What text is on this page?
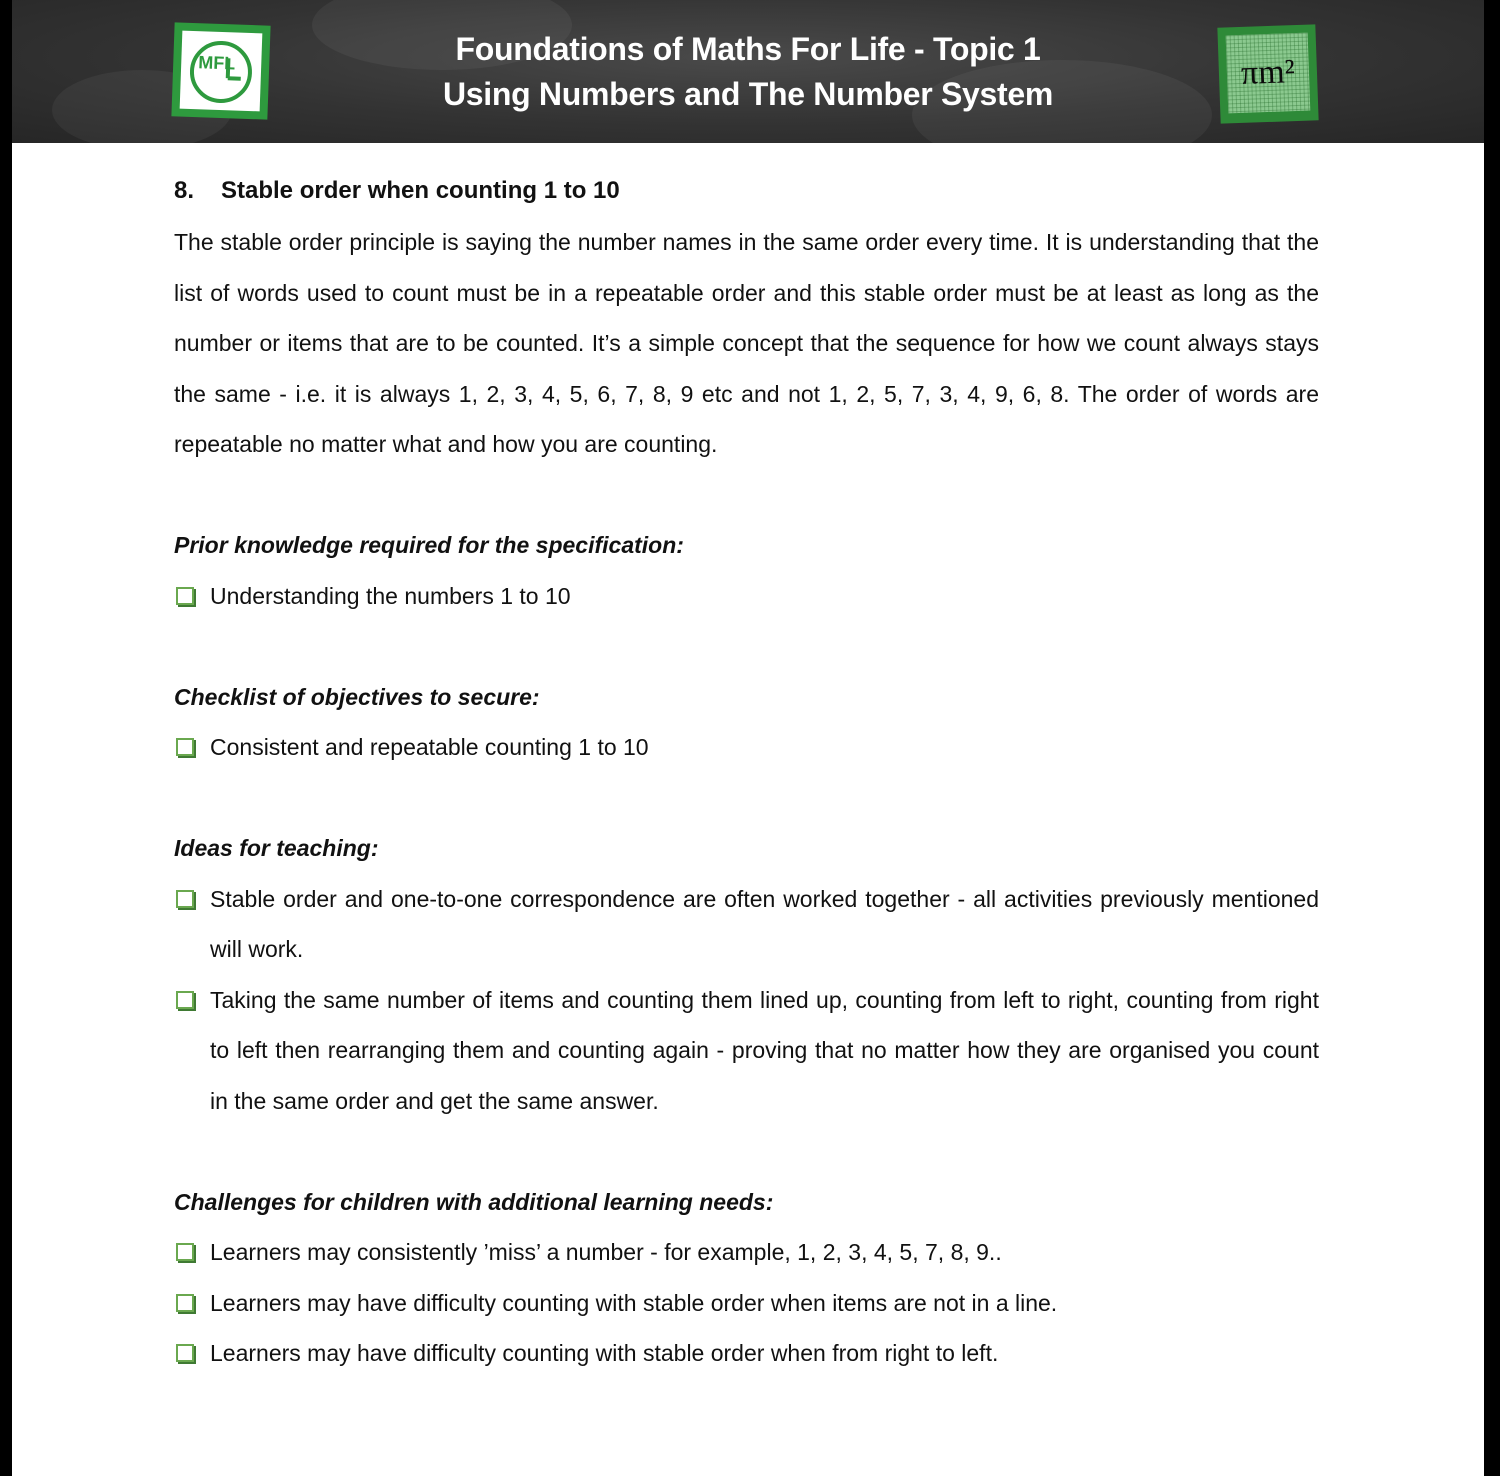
MFL	Foundations of Maths For Life - Topic 1
Using Numbers and The Number System
πm²
8. Stable order when counting 1 to 10

The stable order principle is saying the number names in the same order every time. It is understanding that the list of words used to count must be in a repeatable order and this stable order must be at least as long as the number or items that are to be counted. It’s a simple concept that the sequence for how we count always stays the same - i.e. it is always 1, 2, 3, 4, 5, 6, 7, 8, 9 etc and not 1, 2, 5, 7, 3, 4, 9, 6, 8. The order of words are repeatable no matter what and how you are counting.

Prior knowledge required for the specification:
Understanding the numbers 1 to 10
Checklist of objectives to secure:
Consistent and repeatable counting 1 to 10
Ideas for teaching:
Stable order and one-to-one correspondence are often worked together - all activities previously mentioned will work.
Taking the same number of items and counting them lined up, counting from left to right, counting from right to left then rearranging them and counting again - proving that no matter how they are organised you count in the same order and get the same answer.
Challenges for children with additional learning needs:
Learners may consistently ’miss’ a number - for example, 1, 2, 3, 4, 5, 7, 8, 9..
Learners may have difficulty counting with stable order when items are not in a line.
Learners may have difficulty counting with stable order when from right to left.
